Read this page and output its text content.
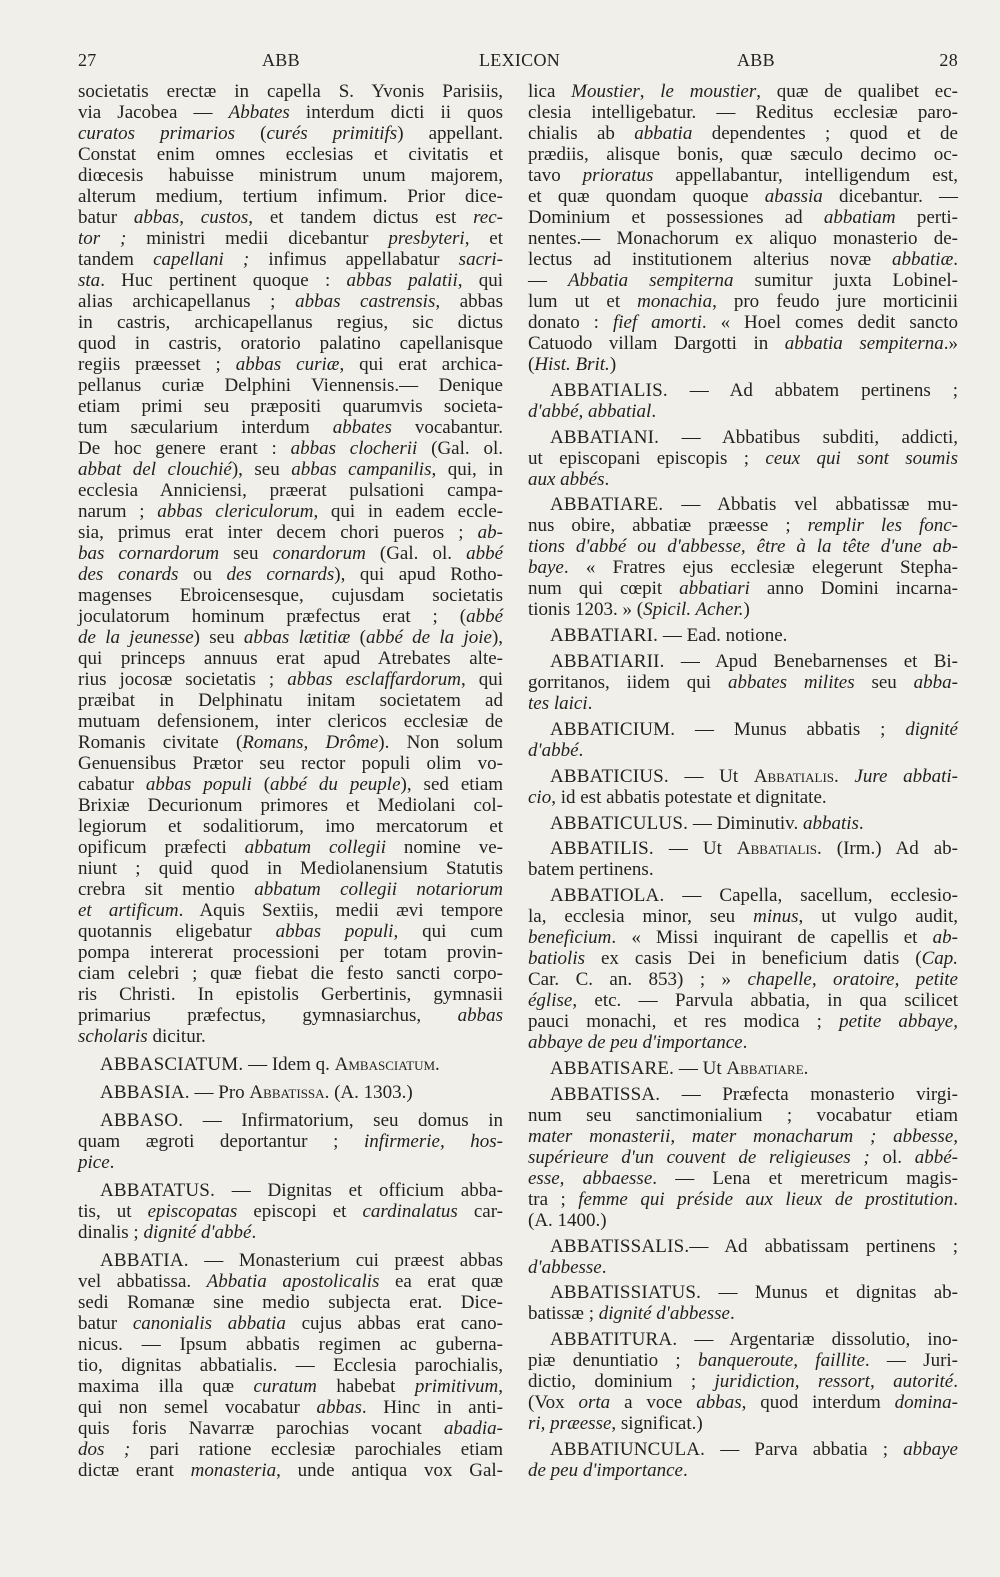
27	ABB	LEXICON	ABB	28
societatis erectæ in capella S. Yvonis Parisiis,
via Jacobea — Abbates interdum dicti ii quos
curatos primarios (curés primitifs) appellant.
Constat enim omnes ecclesias et civitatis et
diœcesis habuisse ministrum unum majorem,
alterum medium, tertium infimum. Prior dice-
batur abbas, custos, et tandem dictus est rec-
tor ; ministri medii dicebantur presbyteri, et
tandem capellani ; infimus appellabatur sacri-
sta. Huc pertinent quoque : abbas palatii, qui
alias archicapellanus ; abbas castrensis, abbas
in castris, archicapellanus regius, sic dictus
quod in castris, oratorio palatino capellanisque
regiis præesset ; abbas curiæ, qui erat archica-
pellanus curiæ Delphini Viennensis.— Denique
etiam primi seu præpositi quarumvis societa-
tum sæcularium interdum abbates vocabantur.
De hoc genere erant : abbas clocherii (Gal. ol.
abbat del clouchié), seu abbas campanilis, qui, in
ecclesia Anniciensi, præerat pulsationi campa-
narum ; abbas clericulorum, qui in eadem eccle-
sia, primus erat inter decem chori pueros ; ab-
bas cornardorum seu conardorum (Gal. ol. abbé
des conards ou des cornards), qui apud Rotho-
magenses Ebroicensesque, cujusdam societatis
joculatorum hominum præfectus erat ; (abbé
de la jeunesse) seu abbas lætitiæ (abbé de la joie),
qui princeps annuus erat apud Atrebates alte-
rius jocosæ societatis ; abbas esclaffardorum, qui
præibat in Delphinatu initam societatem ad
mutuam defensionem, inter clericos ecclesiæ de
Romanis civitate (Romans, Drôme). Non solum
Genuensibus Prætor seu rector populi olim vo-
cabatur abbas populi (abbé du peuple), sed etiam
Brixiæ Decurionum primores et Mediolani col-
legiorum et sodalitiorum, imo mercatorum et
opificum præfecti abbatum collegii nomine ve-
niunt ; quid quod in Mediolanensium Statutis
crebra sit mentio abbatum collegii notariorum
et artificum. Aquis Sextiis, medii ævi tempore
quotannis eligebatur abbas populi, qui cum
pompa intererat processioni per totam provin-
ciam celebri ; quæ fiebat die festo sancti corpo-
ris Christi. In epistolis Gerbertinis, gymnasii
primarius præfectus, gymnasiarchus, abbas
scholaris dicitur.
ABBASCIATUM. — Idem q. Ambasciatum.
ABBASIA. — Pro Abbatissa. (A. 1303.)
ABBASO. — Infirmatorium, seu domus in
quam ægroti deportantur ; infirmerie, hos-
pice.
ABBATATUS. — Dignitas et officium abba-
tis, ut episcopatas episcopi et cardinalatus car-
dinalis ; dignité d'abbé.
ABBATIA. — Monasterium cui præest abbas
vel abbatissa. Abbatia apostolicalis ea erat quæ
sedi Romanæ sine medio subjecta erat. Dice-
batur canonialis abbatia cujus abbas erat cano-
nicus. — Ipsum abbatis regimen ac guberna-
tio, dignitas abbatialis. — Ecclesia parochialis,
maxima illa quæ curatum habebat primitivum,
qui non semel vocabatur abbas. Hinc in anti-
quis foris Navarræ parochias vocant abadia-
dos ; pari ratione ecclesiæ parochiales etiam
dictæ erant monasteria, unde antiqua vox Gal-
lica Moustier, le moustier, quæ de qualibet ec-
clesia intelligebatur. — Reditus ecclesiæ paro-
chialis ab abbatia dependentes ; quod et de
prædiis, alisque bonis, quæ sæculo decimo oc-
tavo prioratus appellabantur, intelligendum est,
et quæ quondam quoque abassia dicebantur. —
Dominium et possessiones ad abbatiam perti-
nentes.— Monachorum ex aliquo monasterio de-
lectus ad institutionem alterius novæ abbatiæ.
— Abbatia sempiterna sumitur juxta Lobinel-
lum ut et monachia, pro feudo jure morticinii
donato : fief amorti. « Hoel comes dedit sancto
Catuodo villam Dargotti in abbatia sempiterna.»
(Hist. Brit.)
ABBATIALIS. — Ad abbatem pertinens ;
d'abbé, abbatial.
ABBATIANI. — Abbatibus subditi, addicti,
ut episcopani episcopis ; ceux qui sont soumis
aux abbés.
ABBATIARE. — Abbatis vel abbatissæ mu-
nus obire, abbatiæ præesse ; remplir les fonc-
tions d'abbé ou d'abbesse, être à la tête d'une ab-
baye. « Fratres ejus ecclesiæ elegerunt Stepha-
num qui cœpit abbatiari anno Domini incarna-
tionis 1203. » (Spicil. Acher.)
ABBATIARI. — Ead. notione.
ABBATIARII. — Apud Benebarnenses et Bi-
gorritanos, iidem qui abbates milites seu abba-
tes laici.
ABBATICIUM. — Munus abbatis ; dignité
d'abbé.
ABBATICIUS. — Ut Abbatialis. Jure abbati-
cio, id est abbatis potestate et dignitate.
ABBATICULUS. — Diminutiv. abbatis.
ABBATILIS. — Ut Abbatialis. (Irm.) Ad ab-
batem pertinens.
ABBATIOLA. — Capella, sacellum, ecclesio-
la, ecclesia minor, seu minus, ut vulgo audit,
beneficium. « Missi inquirant de capellis et ab-
batiolis ex casis Dei in beneficium datis (Cap.
Car. C. an. 853) ; » chapelle, oratoire, petite
église, etc. — Parvula abbatia, in qua scilicet
pauci monachi, et res modica ; petite abbaye,
abbaye de peu d'importance.
ABBATISARE. — Ut Abbatiare.
ABBATISSA. — Præfecta monasterio virgi-
num seu sanctimonialium ; vocabatur etiam
mater monasterii, mater monacharum ; abbesse,
supérieure d'un couvent de religieuses ; ol. abbé-
esse, abbaesse. — Lena et meretricum magis-
tra ; femme qui préside aux lieux de prostitution.
(A. 1400.)
ABBATISSALIS.— Ad abbatissam pertinens ;
d'abbesse.
ABBATISSIATUS. — Munus et dignitas ab-
batissæ ; dignité d'abbesse.
ABBATITURA. — Argentariæ dissolutio, ino-
piæ denuntiatio ; banqueroute, faillite. — Juri-
dictio, dominium ; juridiction, ressort, autorité.
(Vox orta a voce abbas, quod interdum domina-
ri, præesse, significat.)
ABBATIUNCULA. — Parva abbatia ; abbaye
de peu d'importance.
